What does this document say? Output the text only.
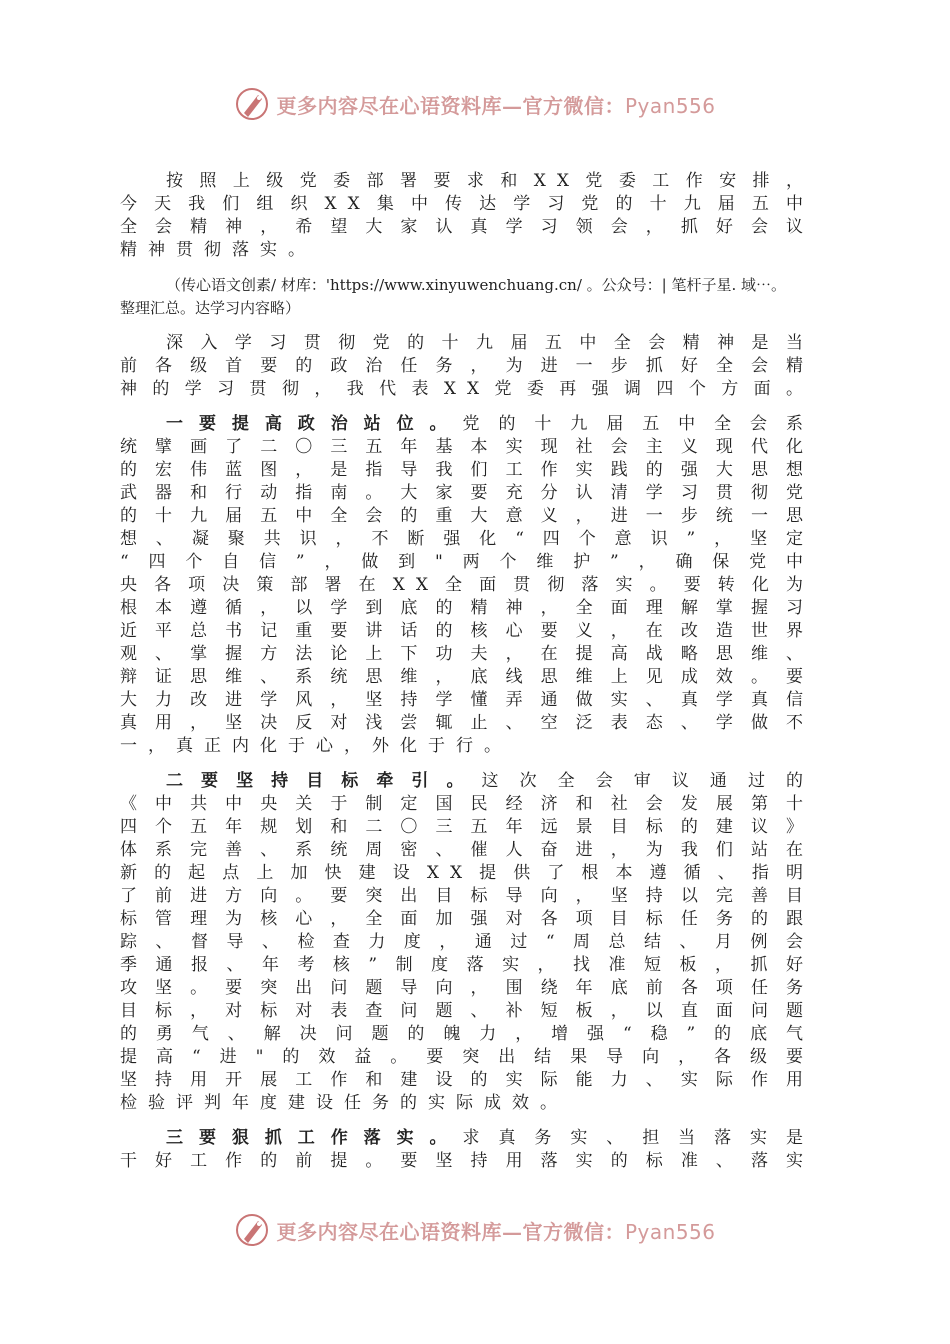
更多内容尽在心语资料库—官方微信：Pyan556

按照上级党委部署要求和XX党委工作安排，
今天我们组织XX集中传达学习党的十九届五中
全会精神，希望大家认真学习领会，抓好会议
精神贯彻落实。

（传心语文创素/ 材库：'https://www.xinyuwenchuang.cn/ 。公众号：| 笔杆子星. 域⋯。
整理汇总。达学习内容略）

深入学习贯彻党的十九届五中全会精神是当
前各级首要的政治任务，为进一步抓好全会精
神的学习贯彻，我代表XX党委再强调四个方面。

一要提高政治站位。党的十九届五中全会系
统擘画了二〇三五年基本实现社会主义现代化
的宏伟蓝图，是指导我们工作实践的强大思想
武器和行动指南。大家要充分认清学习贯彻党
的十九届五中全会的重大意义，进一步统一思
想、凝聚共识，不断强化“四个意识”，坚定
“四个自信”，做到"两个维护”，确保党中
央各项决策部署在XX全面贯彻落实。要转化为
根本遵循，以学到底的精神，全面理解掌握习
近平总书记重要讲话的核心要义，在改造世界
观、掌握方法论上下功夫，在提高战略思维、
辩证思维、系统思维，底线思维上见成效。要
大力改进学风，坚持学懂弄通做实、真学真信
真用，坚决反对浅尝辄止、空泛表态、学做不
一，真正内化于心，外化于行。

二要坚持目标牵引。这次全会审议通过的
《中共中央关于制定国民经济和社会发展第十
四个五年规划和二〇三五年远景目标的建议》
体系完善、系统周密、催人奋进，为我们站在
新的起点上加快建设XX提供了根本遵循、指明
了前进方向。要突出目标导向，坚持以完善目
标管理为核心，全面加强对各项目标任务的跟
踪、督导、检查力度，通过“周总结、月例会
季通报、年考核”制度落实，找准短板，抓好
攻坚。要突出问题导向，围绕年底前各项任务
目标，对标对表查问题、补短板，以直面问题
的勇气、解决问题的魄力，增强“稳”的底气
提高“进"的效益。要突出结果导向，各级要
坚持用开展工作和建设的实际能力、实际作用
检验评判年度建设任务的实际成效。

三要狠抓工作落实。求真务实、担当落实是
干好工作的前提。要坚持用落实的标准、落实

更多内容尽在心语资料库—官方微信：Pyan556
